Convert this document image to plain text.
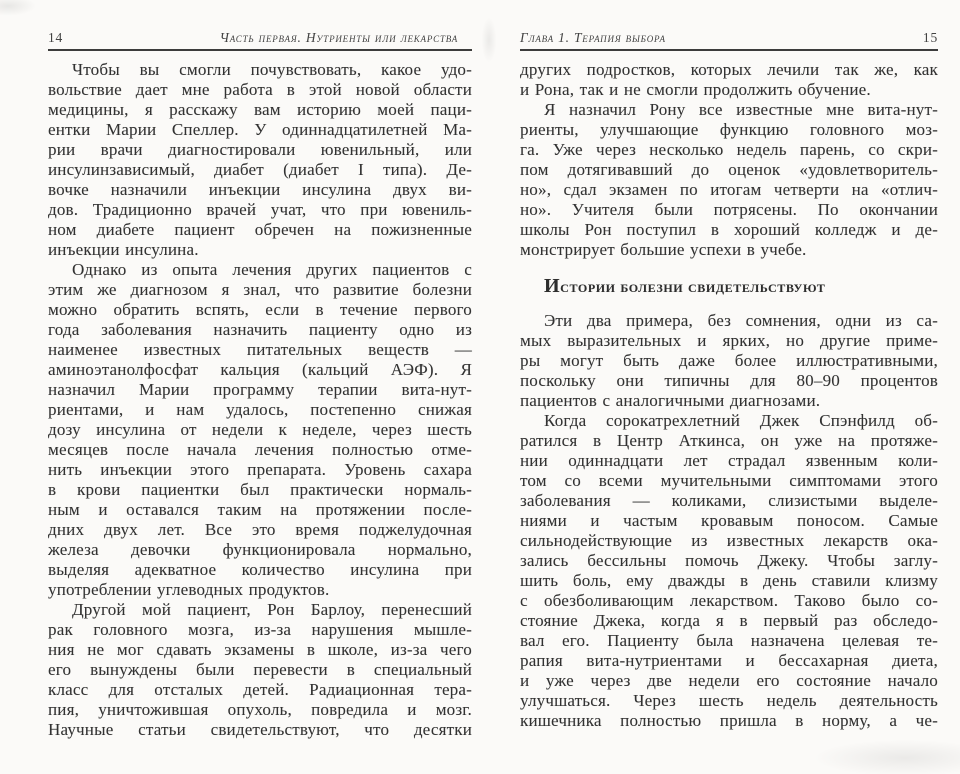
14	Часть первая. Нутриенты или лекарства

Чтобы вы смогли почувствовать, какое удо-
вольствие дает мне работа в этой новой области
медицины, я расскажу вам историю моей паци-
ентки Марии Спеллер. У одиннадцатилетней Ма-
рии врачи диагностировали ювенильный, или
инсулинзависимый, диабет (диабет I типа). Де-
вочке назначили инъекции инсулина двух ви-
дов. Традиционно врачей учат, что при ювениль-
ном диабете пациент обречен на пожизненные
инъекции инсулина.

Однако из опыта лечения других пациентов с
этим же диагнозом я знал, что развитие болезни
можно обратить вспять, если в течение первого
года заболевания назначить пациенту одно из
наименее известных питательных веществ —
аминоэтанолфосфат кальция (кальций АЭФ). Я
назначил Марии программу терапии вита-нут-
риентами, и нам удалось, постепенно снижая
дозу инсулина от недели к неделе, через шесть
месяцев после начала лечения полностью отме-
нить инъекции этого препарата. Уровень сахара
в крови пациентки был практически нормаль-
ным и оставался таким на протяжении после-
дних двух лет. Все это время поджелудочная
железа девочки функционировала нормально,
выделяя адекватное количество инсулина при
употреблении углеводных продуктов.

Другой мой пациент, Рон Барлоу, перенесший
рак головного мозга, из-за нарушения мышле-
ния не мог сдавать экзамены в школе, из-за чего
его вынуждены были перевести в специальный
класс для отсталых детей. Радиационная тера-
пия, уничтожившая опухоль, повредила и мозг.
Научные статьи свидетельствуют, что десятки

Глава 1. Терапия выбора	15

других подростков, которых лечили так же, как
и Рона, так и не смогли продолжить обучение.

Я назначил Рону все известные мне вита-нут-
риенты, улучшающие функцию головного моз-
га. Уже через несколько недель парень, со скри-
пом дотягивавший до оценок «удовлетворитель-
но», сдал экзамен по итогам четверти на «отлич-
но». Учителя были потрясены. По окончании
школы Рон поступил в хороший колледж и де-
монстрирует большие успехи в учебе.

Истории болезни свидетельствуют

Эти два примера, без сомнения, одни из са-
мых выразительных и ярких, но другие приме-
ры могут быть даже более иллюстративными,
поскольку они типичны для 80–90 процентов
пациентов с аналогичными диагнозами.

Когда сорокатрехлетний Джек Спэнфилд об-
ратился в Центр Аткинса, он уже на протяже-
нии одиннадцати лет страдал язвенным коли-
том со всеми мучительными симптомами этого
заболевания — коликами, слизистыми выделе-
ниями и частым кровавым поносом. Самые
сильнодействующие из известных лекарств ока-
зались бессильны помочь Джеку. Чтобы заглу-
шить боль, ему дважды в день ставили клизму
с обезболивающим лекарством. Таково было со-
стояние Джека, когда я в первый раз обследо-
вал его. Пациенту была назначена целевая те-
рапия вита-нутриентами и бессахарная диета,
и уже через две недели его состояние начало
улучшаться. Через шесть недель деятельность
кишечника полностью пришла в норму, а че-
